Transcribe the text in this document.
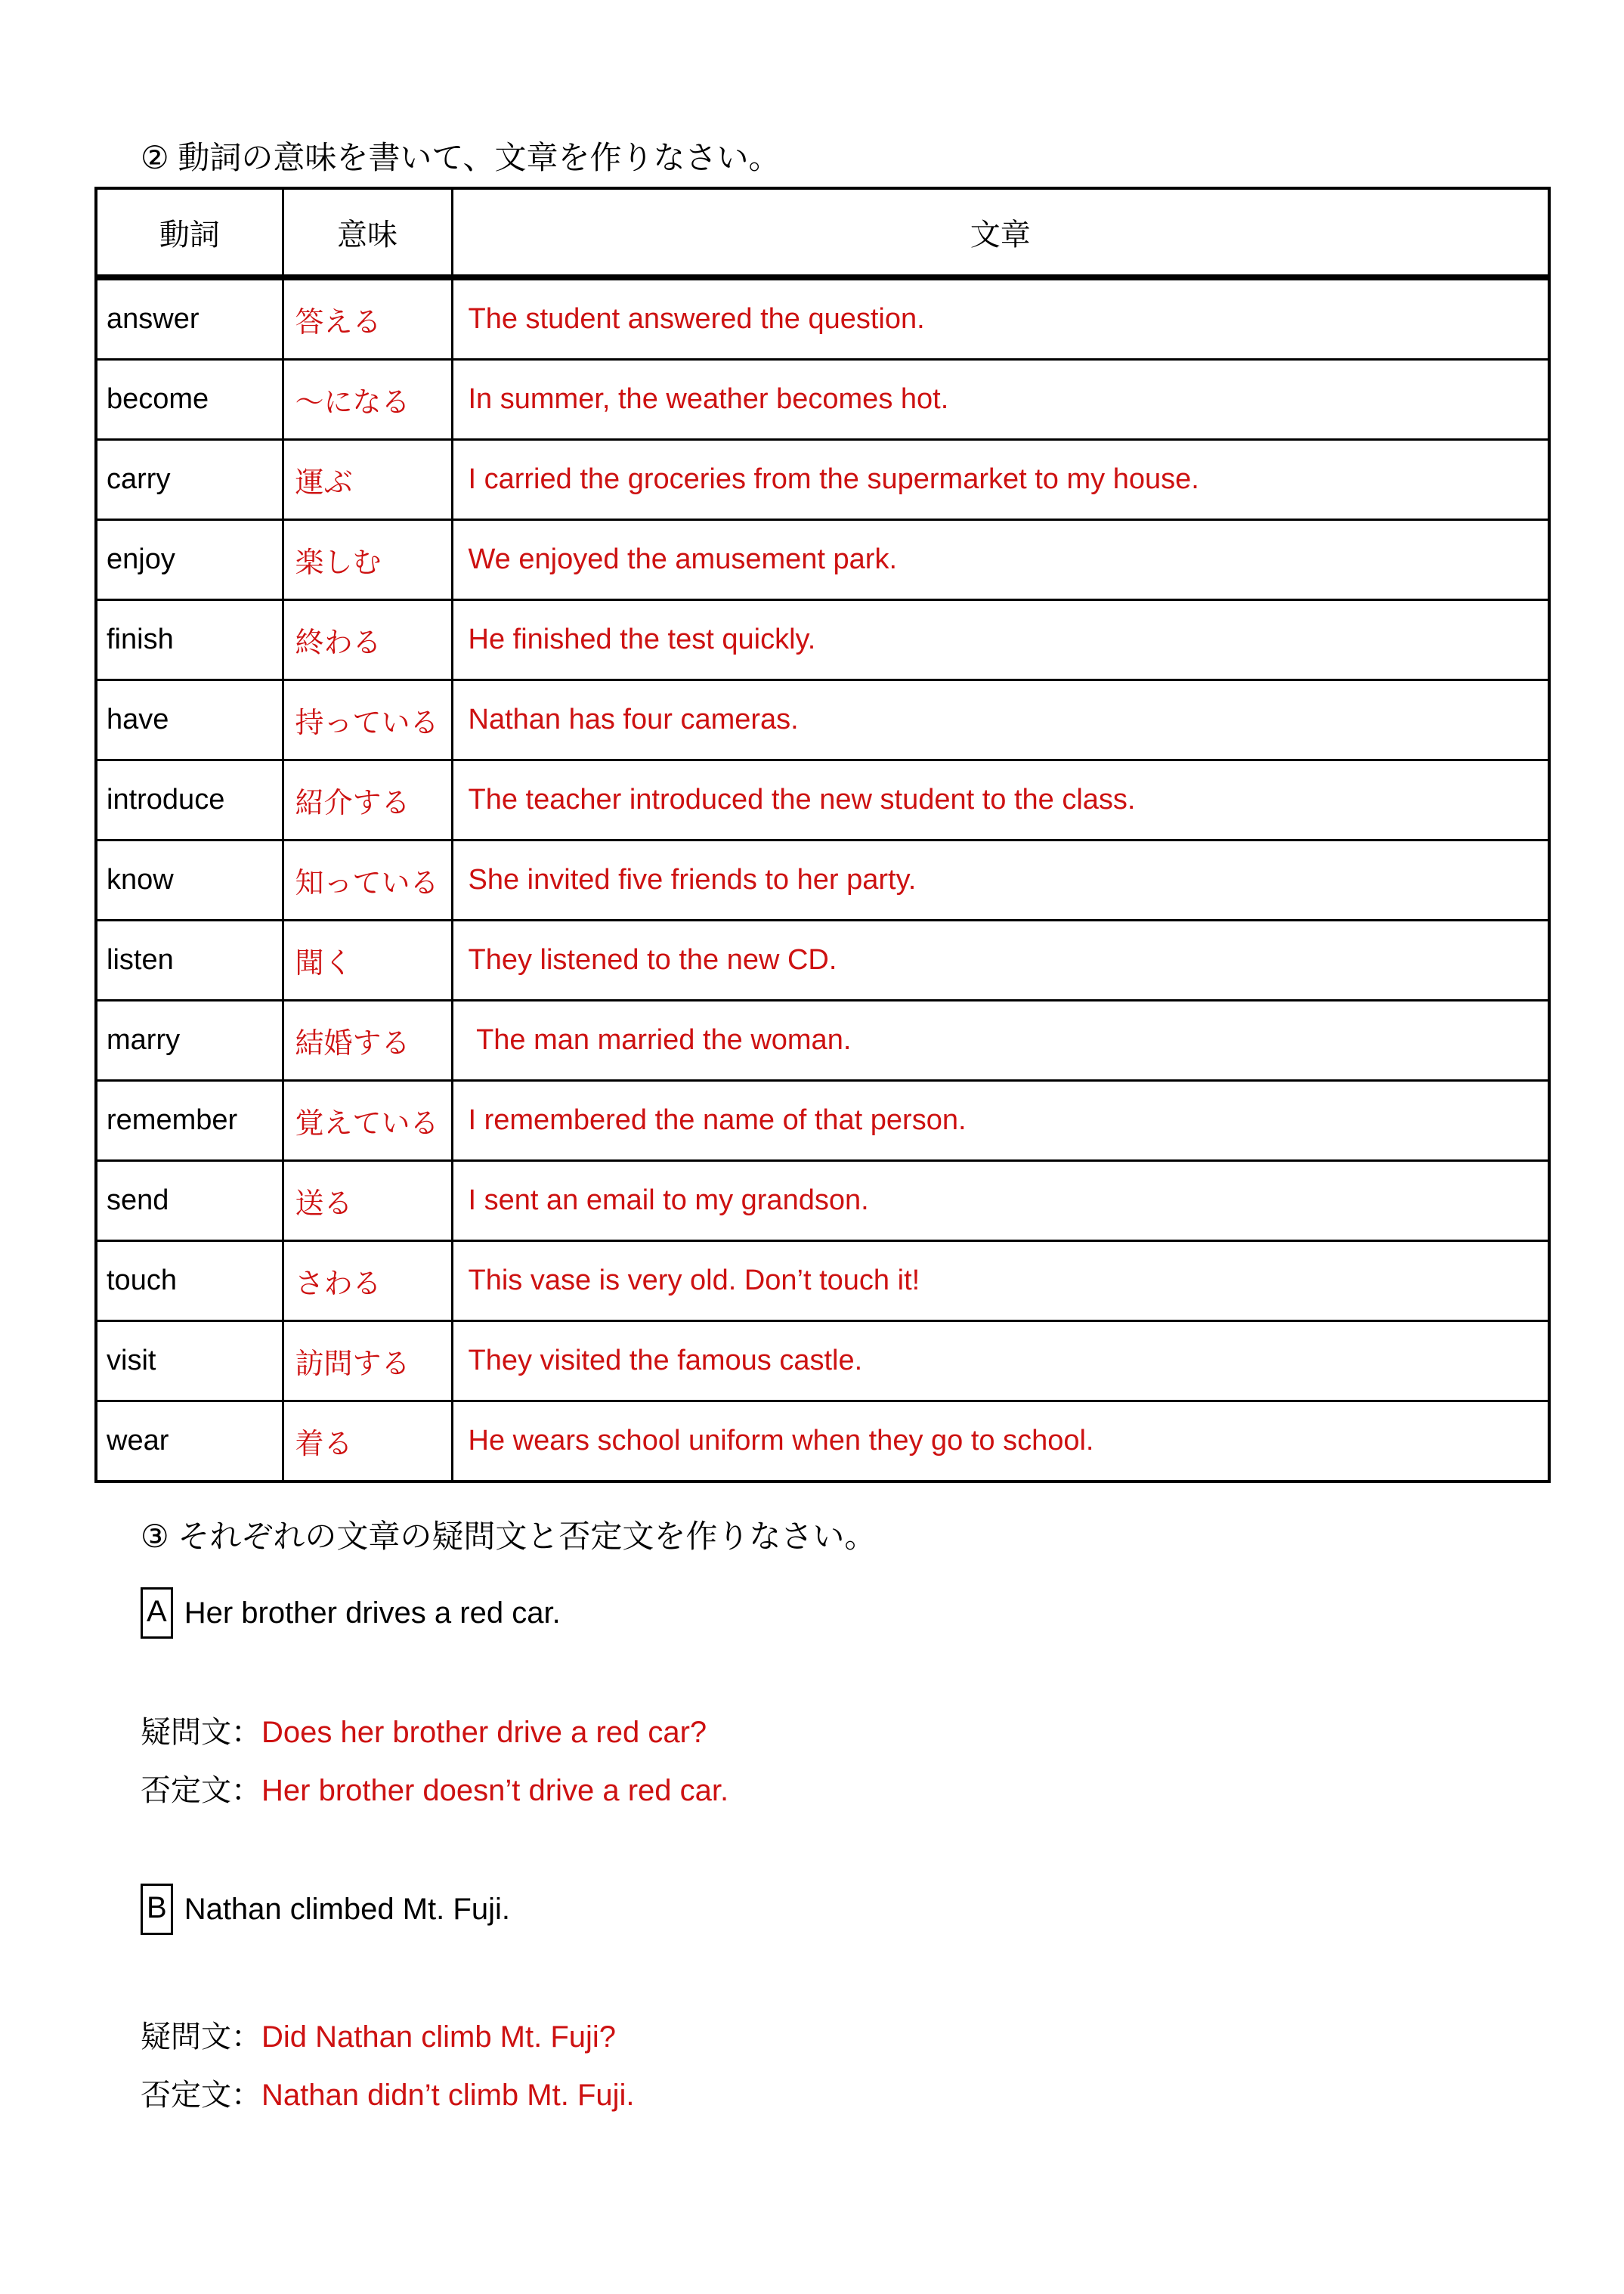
② 動詞の意味を書いて、文章を作りなさい。
動詞	意味	文章
answer	答える	The student answered the question.
become	～になる	In summer, the weather becomes hot.
carry	運ぶ	I carried the groceries from the supermarket to my house.
enjoy	楽しむ	We enjoyed the amusement park.
finish	終わる	He finished the test quickly.
have	持っている	Nathan has four cameras.
introduce	紹介する	The teacher introduced the new student to the class.
know	知っている	She invited five friends to her party.
listen	聞く	They listened to the new CD.
marry	結婚する	The man married the woman.
remember	覚えている	I remembered the name of that person.
send	送る	I sent an email to my grandson.
touch	さわる	This vase is very old. Don’t touch it!
visit	訪問する	They visited the famous castle.
wear	着る	He wears school uniform when they go to school.
③ それぞれの文章の疑問文と否定文を作りなさい。
A Her brother drives a red car.
疑問文： Does her brother drive a red car?
否定文： Her brother doesn’t drive a red car.
B Nathan climbed Mt. Fuji.
疑問文： Did Nathan climb Mt. Fuji?
否定文： Nathan didn’t climb Mt. Fuji.
